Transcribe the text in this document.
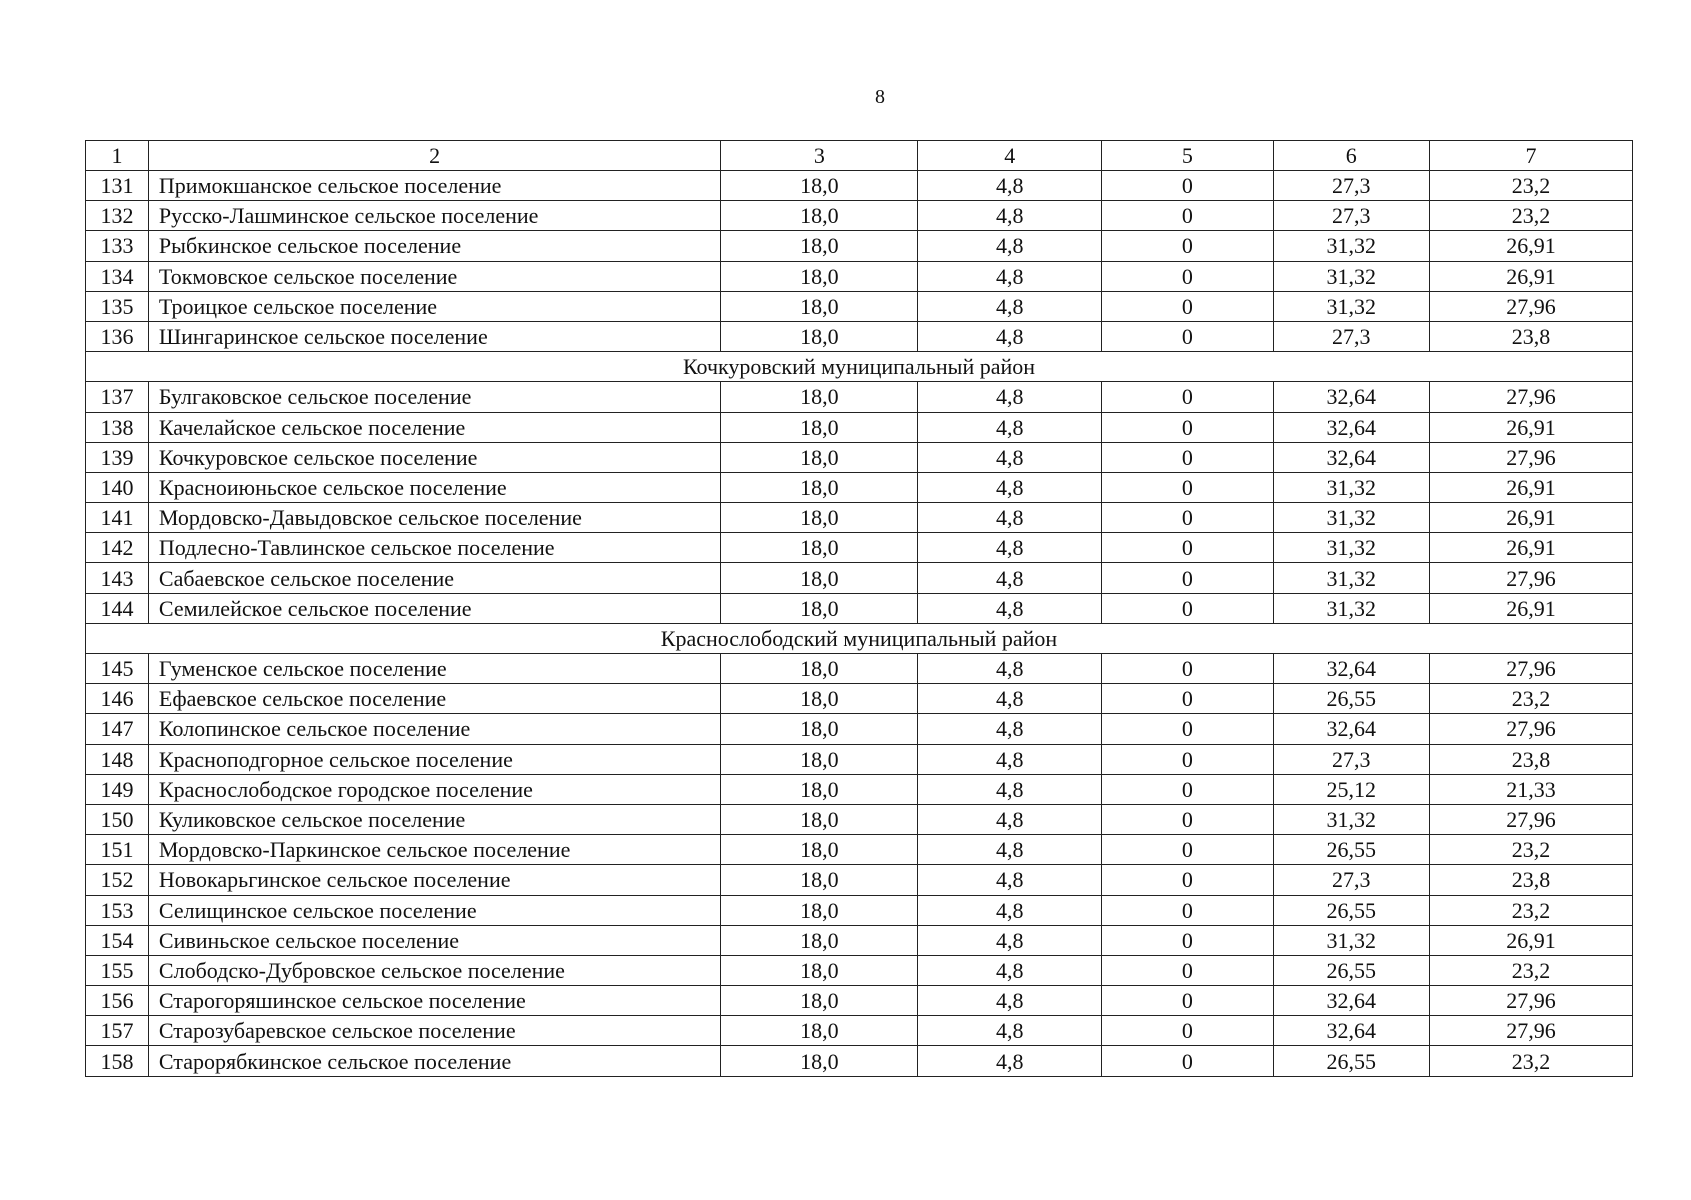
8
1	2	3	4	5	6	7
131	Примокшанское сельское поселение	18,0	4,8	0	27,3	23,2
132	Русско-Лашминское сельское поселение	18,0	4,8	0	27,3	23,2
133	Рыбкинское сельское поселение	18,0	4,8	0	31,32	26,91
134	Токмовское сельское поселение	18,0	4,8	0	31,32	26,91
135	Троицкое сельское поселение	18,0	4,8	0	31,32	27,96
136	Шингаринское сельское поселение	18,0	4,8	0	27,3	23,8
Кочкуровский муниципальный район						
137	Булгаковское сельское поселение	18,0	4,8	0	32,64	27,96
138	Качелайское сельское поселение	18,0	4,8	0	32,64	26,91
139	Кочкуровское сельское поселение	18,0	4,8	0	32,64	27,96
140	Красноиюньское сельское поселение	18,0	4,8	0	31,32	26,91
141	Мордовско-Давыдовское сельское поселение	18,0	4,8	0	31,32	26,91
142	Подлесно-Тавлинское сельское поселение	18,0	4,8	0	31,32	26,91
143	Сабаевское сельское поселение	18,0	4,8	0	31,32	27,96
144	Семилейское сельское поселение	18,0	4,8	0	31,32	26,91
Краснослободский муниципальный район						
145	Гуменское сельское поселение	18,0	4,8	0	32,64	27,96
146	Ефаевское сельское поселение	18,0	4,8	0	26,55	23,2
147	Колопинское сельское поселение	18,0	4,8	0	32,64	27,96
148	Красноподгорное сельское поселение	18,0	4,8	0	27,3	23,8
149	Краснослободское городское поселение	18,0	4,8	0	25,12	21,33
150	Куликовское сельское поселение	18,0	4,8	0	31,32	27,96
151	Мордовско-Паркинское сельское поселение	18,0	4,8	0	26,55	23,2
152	Новокарьгинское сельское поселение	18,0	4,8	0	27,3	23,8
153	Селищинское сельское поселение	18,0	4,8	0	26,55	23,2
154	Сивиньское сельское поселение	18,0	4,8	0	31,32	26,91
155	Слободско-Дубровское сельское поселение	18,0	4,8	0	26,55	23,2
156	Старогоряшинское сельское поселение	18,0	4,8	0	32,64	27,96
157	Старозубаревское сельское поселение	18,0	4,8	0	32,64	27,96
158	Старорябкинское сельское поселение	18,0	4,8	0	26,55	23,2
